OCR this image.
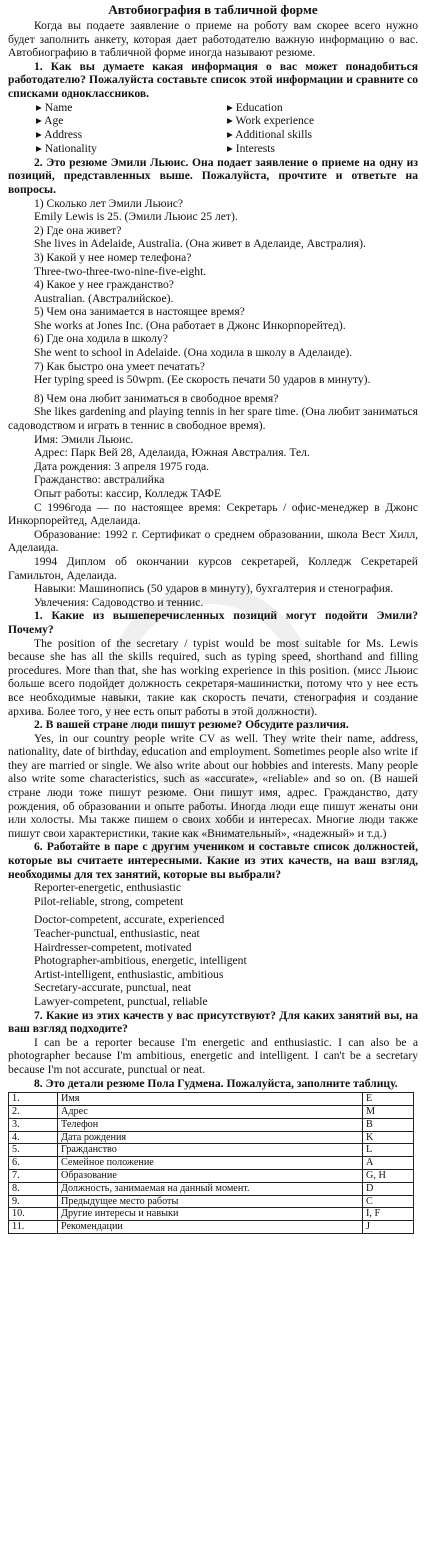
Автобиография в табличной форме

Когда вы подаете заявление о приеме на роботу вам скорее всего нужно будет заполнить анкету, которая дает работодателю важную информацию о вас. Автобиографию в табличной форме иногда называют резюме.

1. Как вы думаете какая информация о вас может понадобиться работодателю? Пожалуйста составьте список этой информации и сравните со списками одноклассников.

▸ Name	▸ Education
▸ Age	▸ Work experience
▸ Address	▸ Additional skills
▸ Nationality	▸ Interests

2. Это резюме Эмили Льюис. Она подает заявление о приеме на одну из позиций, представленных выше. Пожалуйста, прочтите и ответьте на вопросы.

1) Сколько лет Эмили Льюис?

Emily Lewis is 25. (Эмили Льюис 25 лет).

2) Где она живет?

She lives in Adelaide, Australia. (Она живет в Аделаиде, Австралия).

3) Какой у нее номер телефона?

Three-two-three-two-nine-five-eight.

4) Какое у нее гражданство?

Australian. (Австралийское).

5) Чем она занимается в настоящее время?

She works at Jones Inc. (Она работает в Джонс Инкорпорейтед).

6) Где она ходила в школу?

She went to school in Adelaide. (Она ходила в школу в Аделаиде).

7) Как быстро она умеет печатать?

Her typing speed is 50wpm. (Ее скорость печати 50 ударов в минуту).

8) Чем она любит заниматься в свободное время?

She likes gardening and playing tennis in her spare time. (Она любит заниматься садоводством и играть в теннис в свободное время).

Имя: Эмили Льюис.

Адрес: Парк Вей 28, Аделаида, Южная Австралия. Тел.

Дата рождения: 3 апреля 1975 года.

Гражданство: австралийка

Опыт работы: кассир, Колледж ТАФЕ

С 1996года — по настоящее время: Секретарь / офис-менеджер в Джонс Инкорпорейтед, Аделаида.

Образование: 1992 г. Сертификат о среднем образовании, школа Вест Хилл, Аделаида.

1994 Диплом об окончании курсов секретарей, Колледж Секретарей Гамильтон, Аделаида.

Навыки: Машинопись (50 ударов в минуту), бухгалтерия и стенография.

Увлечения: Садоводство и теннис.

1. Какие из вышеперечисленных позиций могут подойти Эмили? Почему?

The position of the secretary / typist would be most suitable for Ms. Lewis because she has all the skills required, such as typing speed, shorthand and filling procedures. More than that, she has working experience in this position. (мисс Льюис больше всего подойдет должность секретаря-машинистки, потому что у нее есть все необходимые навыки, такие как скорость печати, стенография и создание архива. Более того, у нее есть опыт работы в этой должности).

2. В вашей стране люди пишут резюме? Обсудите различия.

Yes, in our country people write CV as well. They write their name, address, nationality, date of birthday, education and employment. Sometimes people also write if they are married or single. We also write about our hobbies and interests. Many people also write some characteristics, such as «accurate», «reliable» and so on. (В нашей стране люди тоже пишут резюме. Они пишут имя, адрес. Гражданство, дату рождения, об образовании и опыте работы. Иногда люди еще пишут женаты они или холосты. Мы также пишем о своих хобби и интересах. Многие люди также пишут свои характеристики, такие как «Внимательный», «надежный» и т.д.)

6. Работайте в паре с другим учеником и составьте список должностей, которые вы считаете интересными. Какие из этих качеств, на ваш взгляд, необходимы для тех занятий, которые вы выбрали?

Reporter-energetic, enthusiastic

Pilot-reliable, strong, competent

Doctor-competent, accurate, experienced

Teacher-punctual, enthusiastic, neat

Hairdresser-competent, motivated

Photographer-ambitious, energetic, intelligent

Artist-intelligent, enthusiastic, ambitious

Secretary-accurate, punctual, neat

Lawyer-competent, punctual, reliable

7. Какие из этих качеств у вас присутствуют? Для каких занятий вы, на ваш взгляд подходите?

I can be a reporter because I'm energetic and enthusiastic. I can also be a photographer because I'm ambitious, energetic and intelligent. I can't be a secretary because I'm not accurate, punctual or neat.

8. Это детали резюме Пола Гудмена. Пожалуйста, заполните таблицу.

1.	Имя	E
2.	Адрес	M
3.	Телефон	B
4.	Дата рождения	K
5.	Гражданство	L
6.	Семейное положение	A
7.	Образование	G, H
8.	Должность, занимаемая на данный момент.	D
9.	Предыдущее место работы	C
10.	Другие интересы и навыки	I, F
11.	Рекомендации	J
